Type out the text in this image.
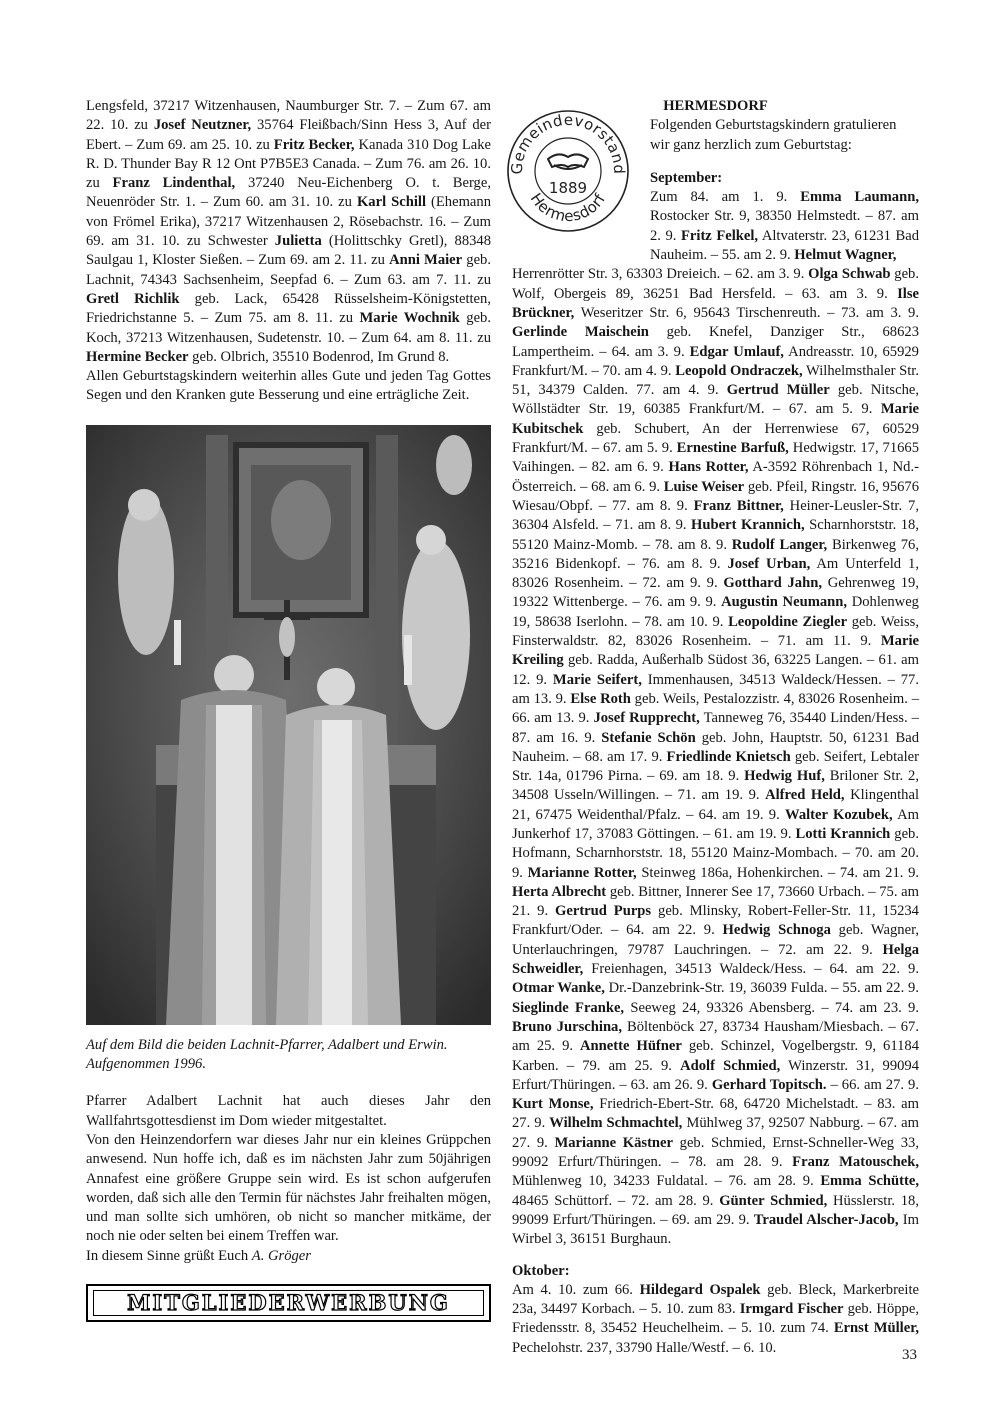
Lengsfeld, 37217 Witzenhausen, Naumburger Str. 7. – Zum 67. am 22. 10. zu Josef Neutzner, 35764 Fleißbach/Sinn Hess 3, Auf der Ebert. – Zum 69. am 25. 10. zu Fritz Becker, Kanada 310 Dog Lake R. D. Thunder Bay R 12 Ont P7B5E3 Canada. – Zum 76. am 26. 10. zu Franz Lindenthal, 37240 Neu-Eichenberg O. t. Berge, Neuenröder Str. 1. – Zum 60. am 31. 10. zu Karl Schill (Ehemann von Frömel Erika), 37217 Witzenhausen 2, Rösebachstr. 16. – Zum 69. am 31. 10. zu Schwester Julietta (Holittschky Gretl), 88348 Saulgau 1, Kloster Sießen. – Zum 69. am 2. 11. zu Anni Maier geb. Lachnit, 74343 Sachsenheim, Seepfad 6. – Zum 63. am 7. 11. zu Gretl Richlik geb. Lack, 65428 Rüsselsheim-Königstetten, Friedrichstanne 5. – Zum 75. am 8. 11. zu Marie Wochnik geb. Koch, 37213 Witzenhausen, Sudetenstr. 10. – Zum 64. am 8. 11. zu Hermine Becker geb. Olbrich, 35510 Bodenrod, Im Grund 8.

Allen Geburtstagskindern weiterhin alles Gute und jeden Tag Gottes Segen und den Kranken gute Besserung und eine erträgliche Zeit.

Auf dem Bild die beiden Lachnit-Pfarrer, Adalbert und Erwin. Aufgenommen 1996.

Pfarrer Adalbert Lachnit hat auch dieses Jahr den Wallfahrtsgottesdienst im Dom wieder mitgestaltet.

Von den Heinzendorfern war dieses Jahr nur ein kleines Grüppchen anwesend. Nun hoffe ich, daß es im nächsten Jahr zum 50jährigen Annafest eine größere Gruppe sein wird. Es ist schon aufgerufen worden, daß sich alle den Termin für nächstes Jahr freihalten mögen, und man sollte sich umhören, ob nicht so mancher mitkäme, der noch nie oder selten bei einem Treffen war.

In diesem Sinne grüßt Euch A. Gröger

MITGLIEDERWERBUNG
Gemeindevorstand
Hermesdorf
1889

HERMESDORF

Folgenden Geburtstagskindern gratulieren wir ganz herzlich zum Geburtstag:

September:

Zum 84. am 1. 9. Emma Laumann, Rostocker Str. 9, 38350 Helmstedt. – 87. am 2. 9. Fritz Felkel, Altvaterstr. 23, 61231 Bad Nauheim. – 55. am 2. 9. Helmut Wagner,

Herrenrötter Str. 3, 63303 Dreieich. – 62. am 3. 9. Olga Schwab geb. Wolf, Obergeis 89, 36251 Bad Hersfeld. – 63. am 3. 9. Ilse Brückner, Weseritzer Str. 6, 95643 Tirschenreuth. – 73. am 3. 9. Gerlinde Maischein geb. Knefel, Danziger Str., 68623 Lampertheim. – 64. am 3. 9. Edgar Umlauf, Andreasstr. 10, 65929 Frankfurt/M. – 70. am 4. 9. Leopold Ondraczek, Wilhelmsthaler Str. 51, 34379 Calden. 77. am 4. 9. Gertrud Müller geb. Nitsche, Wöllstädter Str. 19, 60385 Frankfurt/M. – 67. am 5. 9. Marie Kubitschek geb. Schubert, An der Herrenwiese 67, 60529 Frankfurt/M. – 67. am 5. 9. Ernestine Barfuß, Hedwigstr. 17, 71665 Vaihingen. – 82. am 6. 9. Hans Rotter, A-3592 Röhrenbach 1, Nd.-Österreich. – 68. am 6. 9. Luise Weiser geb. Pfeil, Ringstr. 16, 95676 Wiesau/Obpf. – 77. am 8. 9. Franz Bittner, Heiner-Leusler-Str. 7, 36304 Alsfeld. – 71. am 8. 9. Hubert Krannich, Scharnhorststr. 18, 55120 Mainz-Momb. – 78. am 8. 9. Rudolf Langer, Birkenweg 76, 35216 Bidenkopf. – 76. am 8. 9. Josef Urban, Am Unterfeld 1, 83026 Rosenheim. – 72. am 9. 9. Gotthard Jahn, Gehrenweg 19, 19322 Wittenberge. – 76. am 9. 9. Augustin Neumann, Dohlenweg 19, 58638 Iserlohn. – 78. am 10. 9. Leopoldine Ziegler geb. Weiss, Finsterwaldstr. 82, 83026 Rosenheim. – 71. am 11. 9. Marie Kreiling geb. Radda, Außerhalb Südost 36, 63225 Langen. – 61. am 12. 9. Marie Seifert, Immenhausen, 34513 Waldeck/Hessen. – 77. am 13. 9. Else Roth geb. Weils, Pestalozzistr. 4, 83026 Rosenheim. – 66. am 13. 9. Josef Rupprecht, Tanneweg 76, 35440 Linden/Hess. – 87. am 16. 9. Stefanie Schön geb. John, Hauptstr. 50, 61231 Bad Nauheim. – 68. am 17. 9. Friedlinde Knietsch geb. Seifert, Lebtaler Str. 14a, 01796 Pirna. – 69. am 18. 9. Hedwig Huf, Briloner Str. 2, 34508 Usseln/Willingen. – 71. am 19. 9. Alfred Held, Klingenthal 21, 67475 Weidenthal/Pfalz. – 64. am 19. 9. Walter Kozubek, Am Junkerhof 17, 37083 Göttingen. – 61. am 19. 9. Lotti Krannich geb. Hofmann, Scharnhorststr. 18, 55120 Mainz-Mombach. – 70. am 20. 9. Marianne Rotter, Steinweg 186a, Hohenkirchen. – 74. am 21. 9. Herta Albrecht geb. Bittner, Innerer See 17, 73660 Urbach. – 75. am 21. 9. Gertrud Purps geb. Mlinsky, Robert-Feller-Str. 11, 15234 Frankfurt/Oder. – 64. am 22. 9. Hedwig Schnoga geb. Wagner, Unterlauchringen, 79787 Lauchringen. – 72. am 22. 9. Helga Schweidler, Freienhagen, 34513 Waldeck/Hess. – 64. am 22. 9. Otmar Wanke, Dr.-Danzebrink-Str. 19, 36039 Fulda. – 55. am 22. 9. Sieglinde Franke, Seeweg 24, 93326 Abensberg. – 74. am 23. 9. Bruno Jurschina, Böltenböck 27, 83734 Hausham/Miesbach. – 67. am 25. 9. Annette Hüfner geb. Schinzel, Vogelbergstr. 9, 61184 Karben. – 79. am 25. 9. Adolf Schmied, Winzerstr. 31, 99094 Erfurt/Thüringen. – 63. am 26. 9. Gerhard Topitsch. – 66. am 27. 9. Kurt Monse, Friedrich-Ebert-Str. 68, 64720 Michelstadt. – 83. am 27. 9. Wilhelm Schmachtel, Mühlweg 37, 92507 Nabburg. – 67. am 27. 9. Marianne Kästner geb. Schmied, Ernst-Schneller-Weg 33, 99092 Erfurt/Thüringen. – 78. am 28. 9. Franz Matouschek, Mühlenweg 10, 34233 Fuldatal. – 76. am 28. 9. Emma Schütte, 48465 Schüttorf. – 72. am 28. 9. Günter Schmied, Hüsslerstr. 18, 99099 Erfurt/Thüringen. – 69. am 29. 9. Traudel Alscher-Jacob, Im Wirbel 3, 36151 Burghaun.

Oktober:

Am 4. 10. zum 66. Hildegard Ospalek geb. Bleck, Markerbreite 23a, 34497 Korbach. – 5. 10. zum 83. Irmgard Fischer geb. Höppe, Friedensstr. 8, 35452 Heuchelheim. – 5. 10. zum 74. Ernst Müller, Pechelohstr. 237, 33790 Halle/Westf. – 6. 10.	33
